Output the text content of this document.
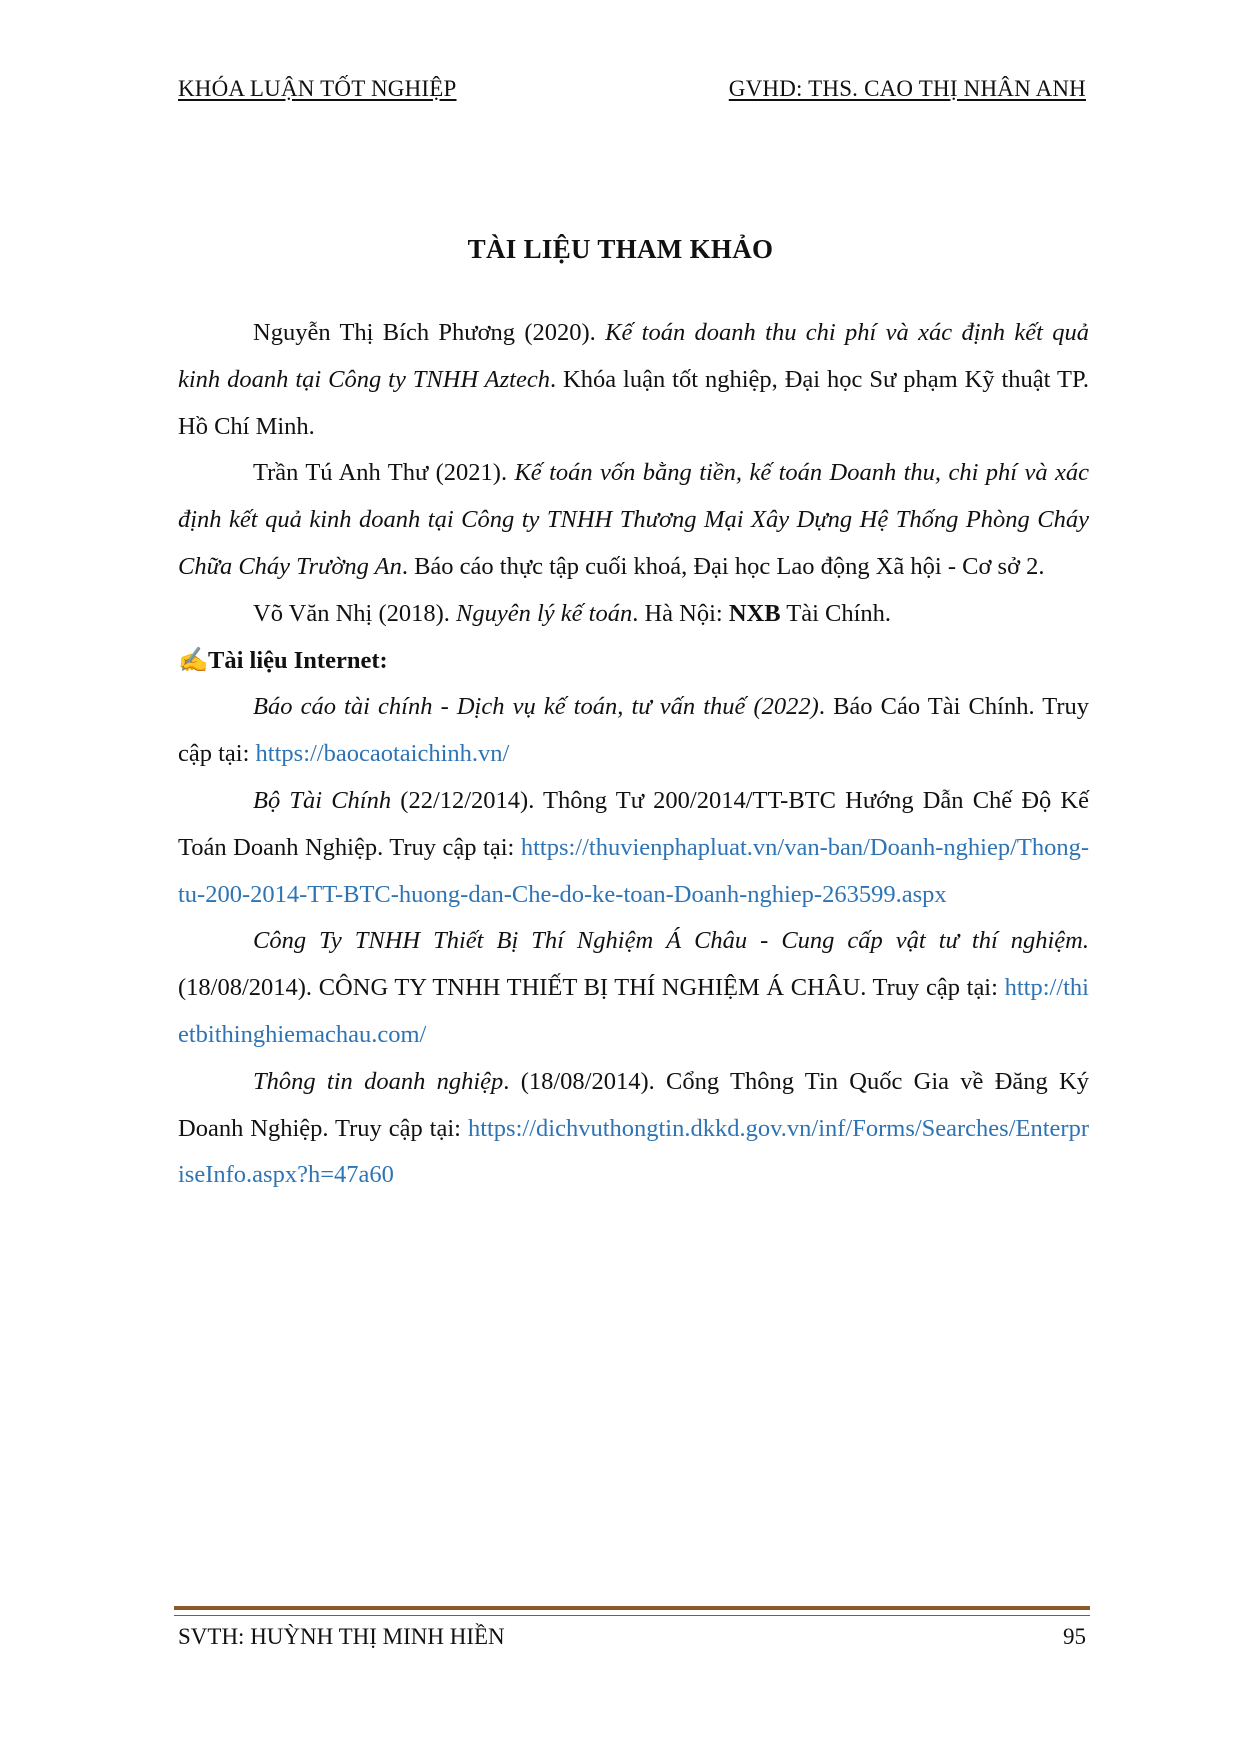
KHÓA LUẬN TỐT NGHIỆP	GVHD: THS. CAO THỊ NHÂN ANH
TÀI LIỆU THAM KHẢO

Nguyễn Thị Bích Phương (2020). Kế toán doanh thu chi phí và xác định kết quả kinh doanh tại Công ty TNHH Aztech. Khóa luận tốt nghiệp, Đại học Sư phạm Kỹ thuật TP. Hồ Chí Minh.

Trần Tú Anh Thư (2021). Kế toán vốn bằng tiền, kế toán Doanh thu, chi phí và xác định kết quả kinh doanh tại Công ty TNHH Thương Mại Xây Dựng Hệ Thống Phòng Cháy Chữa Cháy Trường An. Báo cáo thực tập cuối khoá, Đại học Lao động Xã hội - Cơ sở 2.

Võ Văn Nhị (2018). Nguyên lý kế toán. Hà Nội: NXB Tài Chính.

✍Tài liệu Internet:

Báo cáo tài chính - Dịch vụ kế toán, tư vấn thuế (2022). Báo Cáo Tài Chính. Truy cập tại: https://baocaotaichinh.vn/

Bộ Tài Chính (22/12/2014). Thông Tư 200/2014/TT-BTC Hướng Dẫn Chế Độ Kế Toán Doanh Nghiệp. Truy cập tại: https://thuvienphapluat.vn/van-ban/Doanh-nghiep/Thong-tu-200-2014-TT-BTC-huong-dan-Che-do-ke-toan-Doanh-nghiep-263599.aspx

Công Ty TNHH Thiết Bị Thí Nghiệm Á Châu - Cung cấp vật tư thí nghiệm. (18/08/2014). CÔNG TY TNHH THIẾT BỊ THÍ NGHIỆM Á CHÂU. Truy cập tại: http://thietbithinghiemachau.com/

Thông tin doanh nghiệp. (18/08/2014). Cổng Thông Tin Quốc Gia về Đăng Ký Doanh Nghiệp. Truy cập tại: https://dichvuthongtin.dkkd.gov.vn/inf/Forms/Searches/EnterpriseInfo.aspx?h=47a60

SVTH: HUỲNH THỊ MINH HIỀN	95
